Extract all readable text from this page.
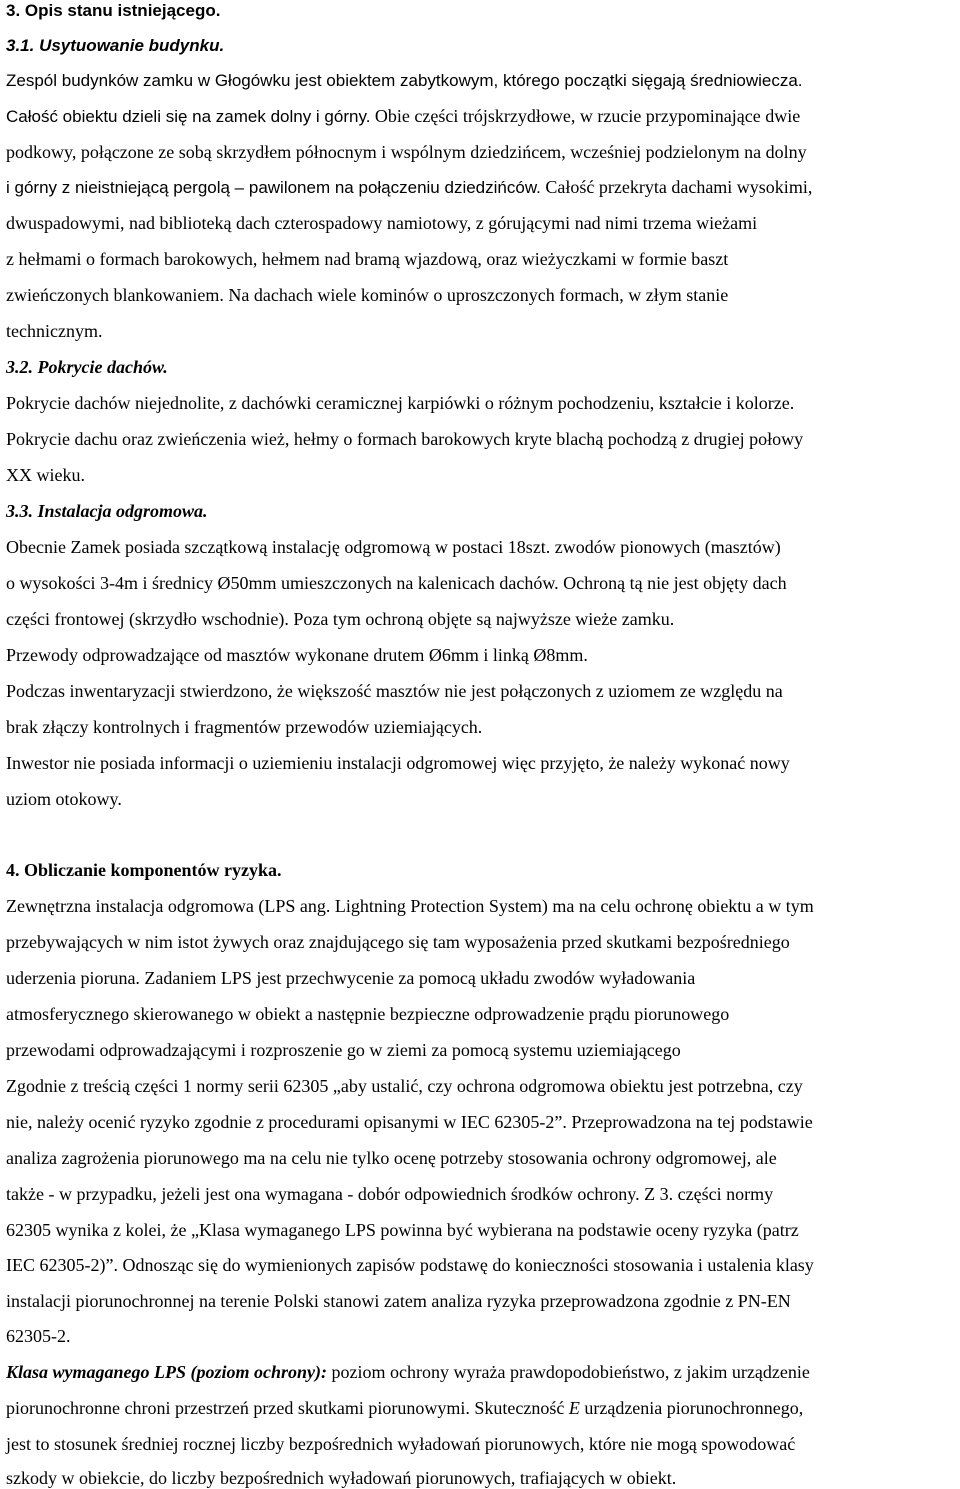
3. Opis stanu istniejącego.
3.1. Usytuowanie budynku.
Zespól budynków zamku w Głogówku jest obiektem zabytkowym, którego początki sięgają średniowiecza.
Całość obiektu dzieli się na zamek dolny i górny. Obie części trójskrzydłowe, w rzucie przypominające dwie
podkowy, połączone ze sobą skrzydłem północnym i wspólnym dziedzińcem, wcześniej podzielonym na dolny
i górny z nieistniejącą pergolą – pawilonem na połączeniu dziedzińców. Całość przekryta dachami wysokimi,
dwuspadowymi, nad biblioteką dach czterospadowy namiotowy, z górującymi nad nimi trzema wieżami
z hełmami o formach barokowych, hełmem nad bramą wjazdową, oraz wieżyczkami w formie baszt
zwieńczonych blankowaniem. Na dachach wiele kominów o uproszczonych formach, w złym stanie
technicznym.
3.2. Pokrycie dachów.
Pokrycie dachów niejednolite, z dachówki ceramicznej karpiówki o różnym pochodzeniu, kształcie i kolorze.
Pokrycie dachu oraz zwieńczenia wież, hełmy o formach barokowych kryte blachą pochodzą z drugiej połowy
XX wieku.
3.3. Instalacja odgromowa.
Obecnie Zamek posiada szczątkową instalację odgromową w postaci 18szt. zwodów pionowych (masztów)
o wysokości 3-4m i średnicy Ø50mm umieszczonych na kalenicach dachów. Ochroną tą nie jest objęty dach
części frontowej (skrzydło wschodnie). Poza tym ochroną objęte są najwyższe wieże zamku.
Przewody odprowadzające od masztów wykonane drutem Ø6mm i linką Ø8mm.
Podczas inwentaryzacji stwierdzono, że większość masztów nie jest połączonych z uziomem ze względu na
brak złączy kontrolnych i fragmentów przewodów uziemiających.
Inwestor nie posiada informacji o uziemieniu instalacji odgromowej więc przyjęto, że należy wykonać nowy
uziom otokowy.
4. Obliczanie komponentów ryzyka.
Zewnętrzna instalacja odgromowa (LPS ang. Lightning Protection System) ma na celu ochronę obiektu a w tym
przebywających w nim istot żywych oraz znajdującego się tam wyposażenia przed skutkami bezpośredniego
uderzenia pioruna. Zadaniem LPS jest przechwycenie za pomocą układu zwodów wyładowania
atmosferycznego skierowanego w obiekt a następnie bezpieczne odprowadzenie prądu piorunowego
przewodami odprowadzającymi i rozproszenie go w ziemi za pomocą systemu uziemiającego
Zgodnie z treścią części 1 normy serii 62305 „aby ustalić, czy ochrona odgromowa obiektu jest potrzebna, czy
nie, należy ocenić ryzyko zgodnie z procedurami opisanymi w IEC 62305-2”. Przeprowadzona na tej podstawie
analiza zagrożenia piorunowego ma na celu nie tylko ocenę potrzeby stosowania ochrony odgromowej, ale
także - w przypadku, jeżeli jest ona wymagana - dobór odpowiednich środków ochrony. Z 3. części normy
62305 wynika z kolei, że „Klasa wymaganego LPS powinna być wybierana na podstawie oceny ryzyka (patrz
IEC 62305-2)”. Odnosząc się do wymienionych zapisów podstawę do konieczności stosowania i ustalenia klasy
instalacji piorunochronnej na terenie Polski stanowi zatem analiza ryzyka przeprowadzona zgodnie z PN-EN
62305-2.
Klasa wymaganego LPS (poziom ochrony): poziom ochrony wyraża prawdopodobieństwo, z jakim urządzenie
piorunochronne chroni przestrzeń przed skutkami piorunowymi. Skuteczność E urządzenia piorunochronnego,
jest to stosunek średniej rocznej liczby bezpośrednich wyładowań piorunowych, które nie mogą spowodować
szkody w obiekcie, do liczby bezpośrednich wyładowań piorunowych, trafiających w obiekt.
